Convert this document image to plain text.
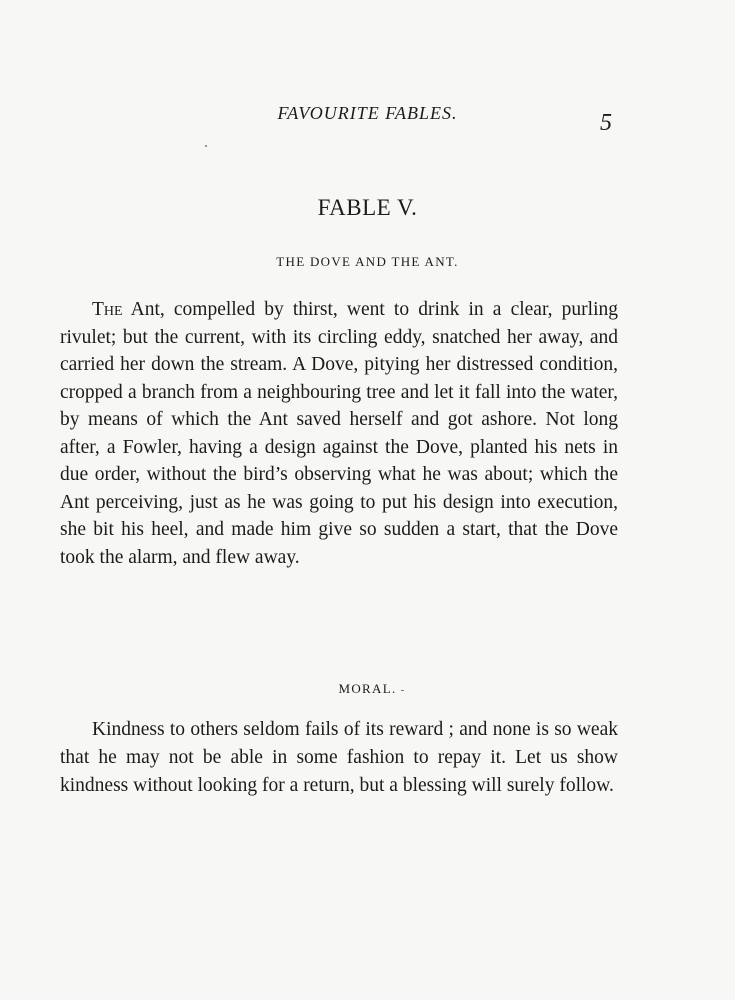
FAVOURITE FABLES.	5
FABLE V.
THE DOVE AND THE ANT.

The Ant, compelled by thirst, went to drink in a clear, purling rivulet; but the current, with its circling eddy, snatched her away, and carried her down the stream. A Dove, pitying her distressed condition, cropped a branch from a neighbouring tree and let it fall into the water, by means of which the Ant saved herself and got ashore. Not long after, a Fowler, having a design against the Dove, planted his nets in due order, without the bird’s observing what he was about; which the Ant perceiving, just as he was going to put his design into execution, she bit his heel, and made him give so sudden a start, that the Dove took the alarm, and flew away.

MORAL.

Kindness to others seldom fails of its reward ; and none is so weak that he may not be able in some fashion to repay it. Let us show kindness without looking for a return, but a blessing will surely follow.
